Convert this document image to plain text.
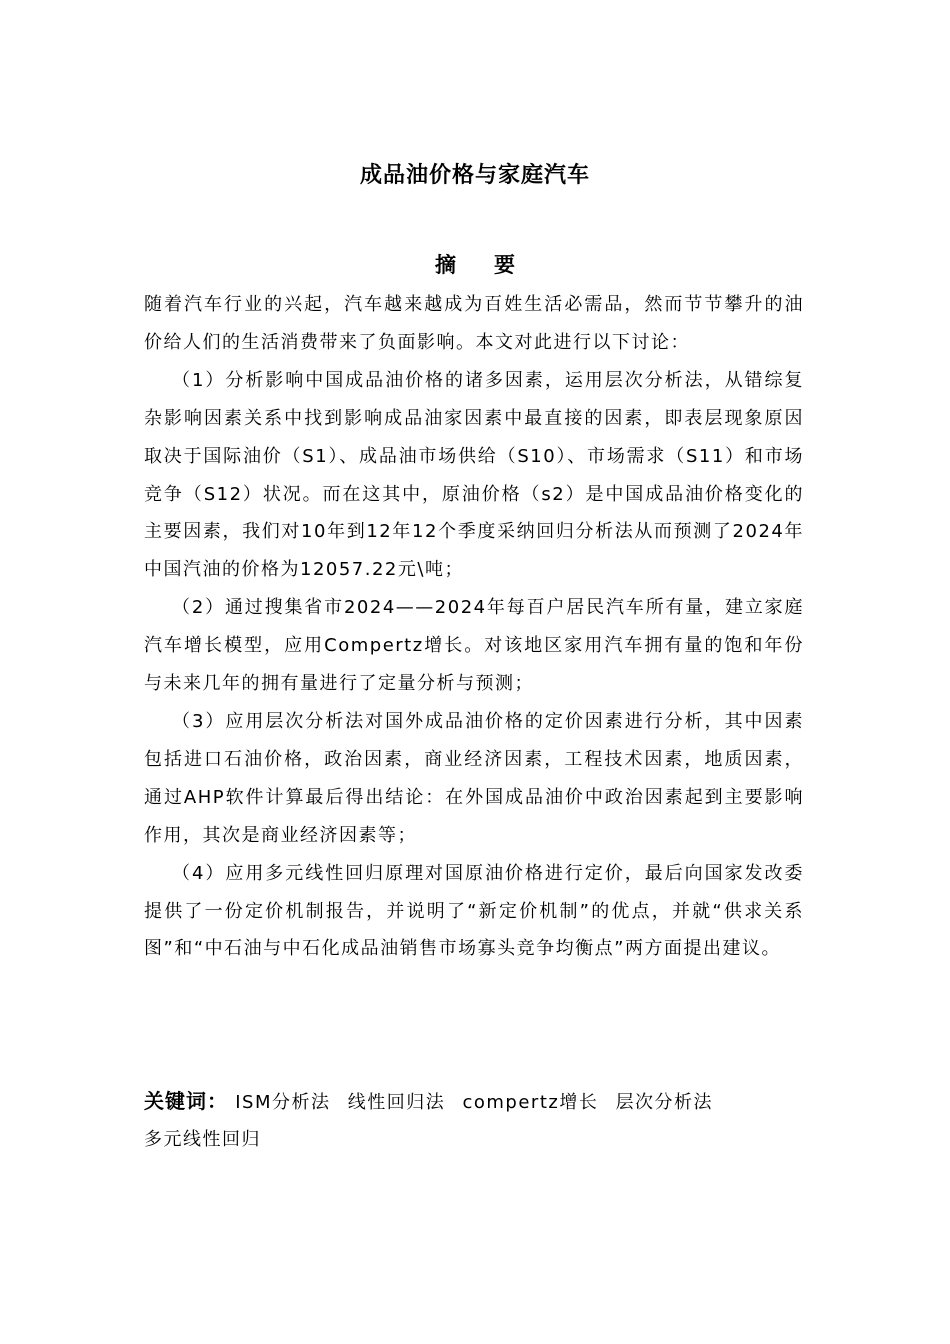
成品油价格与家庭汽车
摘要

随着汽车行业的兴起，汽车越来越成为百姓生活必需品，然而节节攀升的油价给人们的生活消费带来了负面影响。本文对此进行以下讨论：

（1）分析影响中国成品油价格的诸多因素，运用层次分析法，从错综复杂影响因素关系中找到影响成品油家因素中最直接的因素，即表层现象原因取决于国际油价（S1）、成品油市场供给（S10）、市场需求（S11）和市场竞争（S12）状况。而在这其中，原油价格（s2）是中国成品油价格变化的主要因素，我们对10年到12年12个季度采纳回归分析法从而预测了2024年中国汽油的价格为12057.22元\吨；

（2）通过搜集省市2024——2024年每百户居民汽车所有量，建立家庭汽车增长模型，应用Compertz增长。对该地区家用汽车拥有量的饱和年份与未来几年的拥有量进行了定量分析与预测；

（3）应用层次分析法对国外成品油价格的定价因素进行分析，其中因素包括进口石油价格，政治因素，商业经济因素，工程技术因素，地质因素，通过AHP软件计算最后得出结论：在外国成品油价中政治因素起到主要影响作用，其次是商业经济因素等；

（4）应用多元线性回归原理对国原油价格进行定价，最后向国家发改委提供了一份定价机制报告，并说明了“新定价机制”的优点，并就“供求关系图”和“中石油与中石化成品油销售市场寡头竞争均衡点”两方面提出建议。

关键词： ISM分析法 线性回归法 compertz增长 层次分析法
多元线性回归
